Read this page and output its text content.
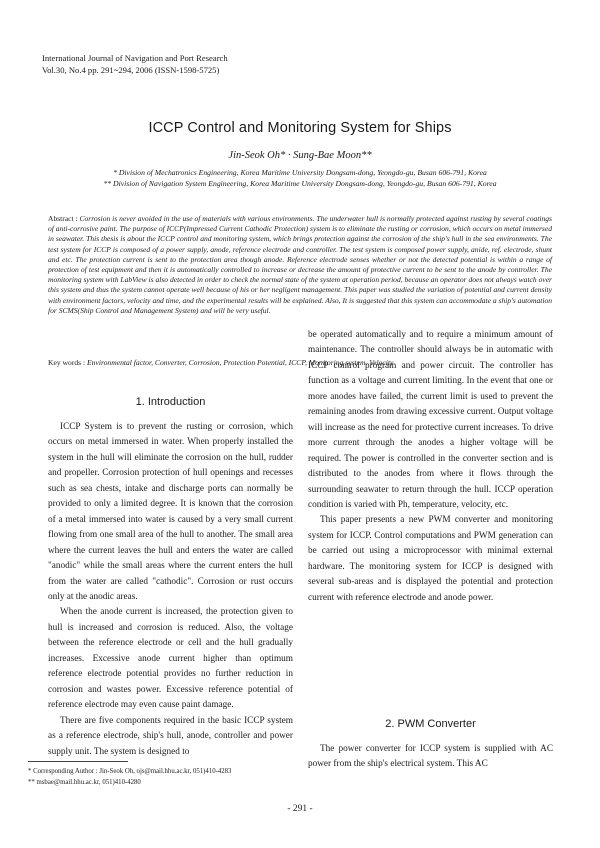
International Journal of Navigation and Port Research
Vol.30, No.4 pp. 291~294, 2006 (ISSN-1598-5725)
ICCP Control and Monitoring System for Ships
Jin-Seok Oh* · Sung-Bae Moon**
* Division of Mechatronics Engineering, Korea Maritime University Dongsam-dong, Yeongdo-gu, Busan 606-791, Korea
** Division of Navigation System Engineering, Korea Maritime University Dongsam-dong, Yeongdo-gu, Busan 606-791, Korea
Abstract : Corrosion is never avoided in the use of materials with various environments. The underwater hull is normally protected against rusting by several coatings of anti-corrosive paint. The purpose of ICCP(Impressed Current Cathodic Protection) system is to eliminate the rusting or corrosion, which occurs on metal immersed in seawater. This thesis is about the ICCP control and monitoring system, which brings protection against the corrosion of the ship's hull in the sea environments. The test system for ICCP is composed of a power supply, anode, reference electrode and controller. The test system is composed power supply, anide, ref. electrode, shunt and etc. The protection current is sent to the protection area though anode. Reference electrode senses whether or not the detected potential is within a range of protection of test equipment and then it is automatically controlled to increase or decrease the amount of protective current to be sent to the anode by controller. The monitoring system with LabView is also detected in order to check the normal state of the system at operation period, because an operator does not always watch over this system and thus the system cannot operate well because of his or her negligent management. This paper was studied the variation of potential and current density with environment factors, velocity and time, and the experimental results will be explained. Also, It is suggested that this system can accommodate a ship's automation for SCMS(Ship Control and Management System) and will be very useful.
Key words : Environmental factor, Converter, Corrosion, Protection Potential, ICCP, Monitoring system, Velocity
1. Introduction

ICCP System is to prevent the rusting or corrosion, which occurs on metal immersed in water. When properly installed the system in the hull will eliminate the corrosion on the hull, rudder and propeller. Corrosion protection of hull openings and recesses such as sea chests, intake and discharge ports can normally be provided to only a limited degree. It is known that the corrosion of a metal immersed into water is caused by a very small current flowing from one small area of the hull to another. The small area where the current leaves the hull and enters the water are called "anodic" while the small areas where the current enters the hull from the water are called "cathodic". Corrosion or rust occurs only at the anodic areas.

When the anode current is increased, the protection given to hull is increased and corrosion is reduced. Also, the voltage between the reference electrode or cell and the hull gradually increases. Excessive anode current higher than optimum reference electrode potential provides no further reduction in corrosion and wastes power. Excessive reference potential of reference electrode may even cause paint damage.

There are five components required in the basic ICCP system as a reference electrode, ship's hull, anode, controller and power supply unit. The system is designed to

be operated automatically and to require a minimum amount of maintenance. The controller should always be in automatic with ICCP control program and power circuit. The controller has function as a voltage and current limiting. In the event that one or more anodes have failed, the current limit is used to prevent the remaining anodes from drawing excessive current. Output voltage will increase as the need for protective current increases. To drive more current through the anodes a higher voltage will be required. The power is controlled in the converter section and is distributed to the anodes from where it flows through the surrounding seawater to return through the hull. ICCP operation condition is varied with Ph, temperature, velocity, etc.

This paper presents a new PWM converter and monitoring system for ICCP. Control computations and PWM generation can be carried out using a microprocessor with minimal external hardware. The monitoring system for ICCP is designed with several sub-areas and is displayed the potential and protection current with reference electrode and anode power.

2. PWM Converter

The power converter for ICCP system is supplied with AC power from the ship's electrical system. This AC

* Corresponding Author : Jin-Seok Oh, ojs@mail.hhu.ac.kr, 051)410-4283
** msbae@mail.hhu.ac.kr, 051)410-4280
- 291 -
